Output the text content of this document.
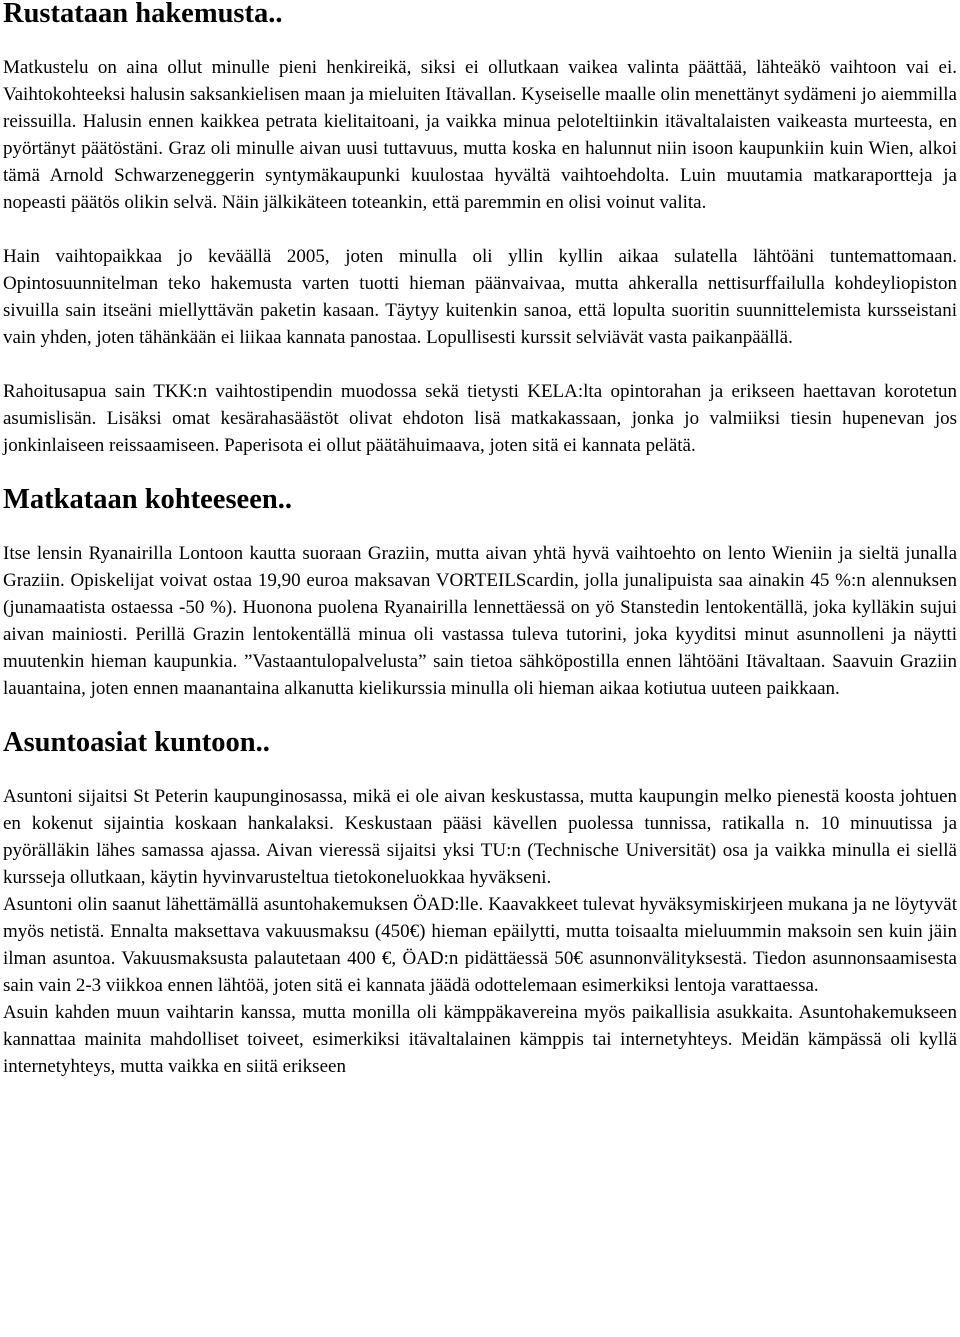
Rustataan hakemusta..

Matkustelu on aina ollut minulle pieni henkireikä, siksi ei ollutkaan vaikea valinta päättää, lähteäkö vaihtoon vai ei. Vaihtokohteeksi halusin saksankielisen maan ja mieluiten Itävallan. Kyseiselle maalle olin menettänyt sydämeni jo aiemmilla reissuilla. Halusin ennen kaikkea petrata kielitaitoani, ja vaikka minua peloteltiinkin itävaltalaisten vaikeasta murteesta, en pyörtänyt päätöstäni. Graz oli minulle aivan uusi tuttavuus, mutta koska en halunnut niin isoon kaupunkiin kuin Wien, alkoi tämä Arnold Schwarzeneggerin syntymäkaupunki kuulostaa hyvältä vaihtoehdolta. Luin muutamia matkaraportteja ja nopeasti päätös olikin selvä. Näin jälkikäteen toteankin, että paremmin en olisi voinut valita.

Hain vaihtopaikkaa jo keväällä 2005, joten minulla oli yllin kyllin aikaa sulatella lähtöäni tuntemattomaan. Opintosuunnitelman teko hakemusta varten tuotti hieman päänvaivaa, mutta ahkeralla nettisurffailulla kohdeyliopiston sivuilla sain itseäni miellyttävän paketin kasaan. Täytyy kuitenkin sanoa, että lopulta suoritin suunnittelemista kursseistani vain yhden, joten tähänkään ei liikaa kannata panostaa. Lopullisesti kurssit selviävät vasta paikanpäällä.

Rahoitusapua sain TKK:n vaihtostipendin muodossa sekä tietysti KELA:lta opintorahan ja erikseen haettavan korotetun asumislisän. Lisäksi omat kesärahasäästöt olivat ehdoton lisä matkakassaan, jonka jo valmiiksi tiesin hupenevan jos jonkinlaiseen reissaamiseen. Paperisota ei ollut päätähuimaava, joten sitä ei kannata pelätä.

Matkataan kohteeseen..

Itse lensin Ryanairilla Lontoon kautta suoraan Graziin, mutta aivan yhtä hyvä vaihtoehto on lento Wieniin ja sieltä junalla Graziin. Opiskelijat voivat ostaa 19,90 euroa maksavan VORTEILScardin, jolla junalipuista saa ainakin 45 %:n alennuksen (junamaatista ostaessa -50 %). Huonona puolena Ryanairilla lennettäessä on yö Stanstedin lentokentällä, joka kylläkin sujui aivan mainiosti. Perillä Grazin lentokentällä minua oli vastassa tuleva tutorini, joka kyyditsi minut asunnolleni ja näytti muutenkin hieman kaupunkia. ”Vastaantulopalvelusta” sain tietoa sähköpostilla ennen lähtöäni Itävaltaan. Saavuin Graziin lauantaina, joten ennen maanantaina alkanutta kielikurssia minulla oli hieman aikaa kotiutua uuteen paikkaan.

Asuntoasiat kuntoon..

Asuntoni sijaitsi St Peterin kaupunginosassa, mikä ei ole aivan keskustassa, mutta kaupungin melko pienestä koosta johtuen en kokenut sijaintia koskaan hankalaksi. Keskustaan pääsi kävellen puolessa tunnissa, ratikalla n. 10 minuutissa ja pyörälläkin lähes samassa ajassa. Aivan vieressä sijaitsi yksi TU:n (Technische Universität) osa ja vaikka minulla ei siellä kursseja ollutkaan, käytin hyvinvarusteltua tietokoneluokkaa hyväkseni.

Asuntoni olin saanut lähettämällä asuntohakemuksen ÖAD:lle. Kaavakkeet tulevat hyväksymiskirjeen mukana ja ne löytyvät myös netistä. Ennalta maksettava vakuusmaksu (450€) hieman epäilytti, mutta toisaalta mieluummin maksoin sen kuin jäin ilman asuntoa. Vakuusmaksusta palautetaan 400 €, ÖAD:n pidättäessä 50€ asunnonvälityksestä. Tiedon asunnonsaamisesta sain vain 2-3 viikkoa ennen lähtöä, joten sitä ei kannata jäädä odottelemaan esimerkiksi lentoja varattaessa.

Asuin kahden muun vaihtarin kanssa, mutta monilla oli kämppäkavereina myös paikallisia asukkaita. Asuntohakemukseen kannattaa mainita mahdolliset toiveet, esimerkiksi itävaltalainen kämppis tai internetyhteys. Meidän kämpässä oli kyllä internetyhteys, mutta vaikka en siitä erikseen
